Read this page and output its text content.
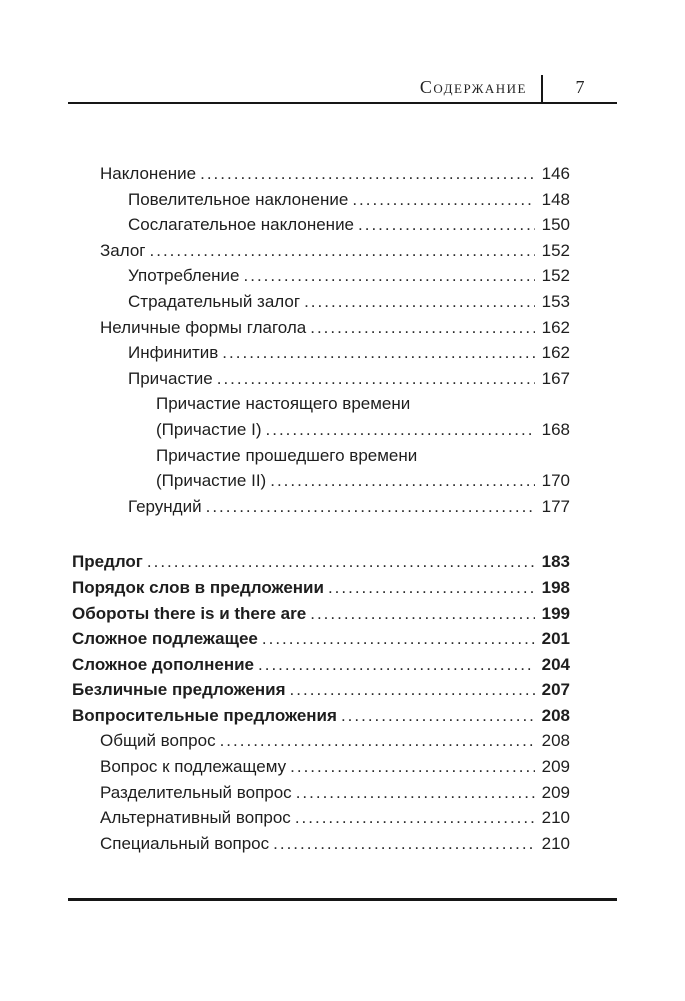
Содержание	7
Наклонение .....	146
Повелительное наклонение .....	148
Сослагательное наклонение .....	150
Залог .....	152
Употребление .....	152
Страдательный залог .....	153
Неличные формы глагола .....	162
Инфинитив .....	162
Причастие .....	167
Причастие настоящего времени
(Причастие I) .....	168
Причастие прошедшего времени
(Причастие II) .....	170
Герундий .....	177
Предлог .....	183
Порядок слов в предложении .....	198
Обороты there is и there are .....	199
Сложное подлежащее .....	201
Сложное дополнение .....	204
Безличные предложения .....	207
Вопросительные предложения .....	208
Общий вопрос .....	208
Вопрос к подлежащему .....	209
Разделительный вопрос .....	209
Альтернативный вопрос .....	210
Специальный вопрос .....	210
